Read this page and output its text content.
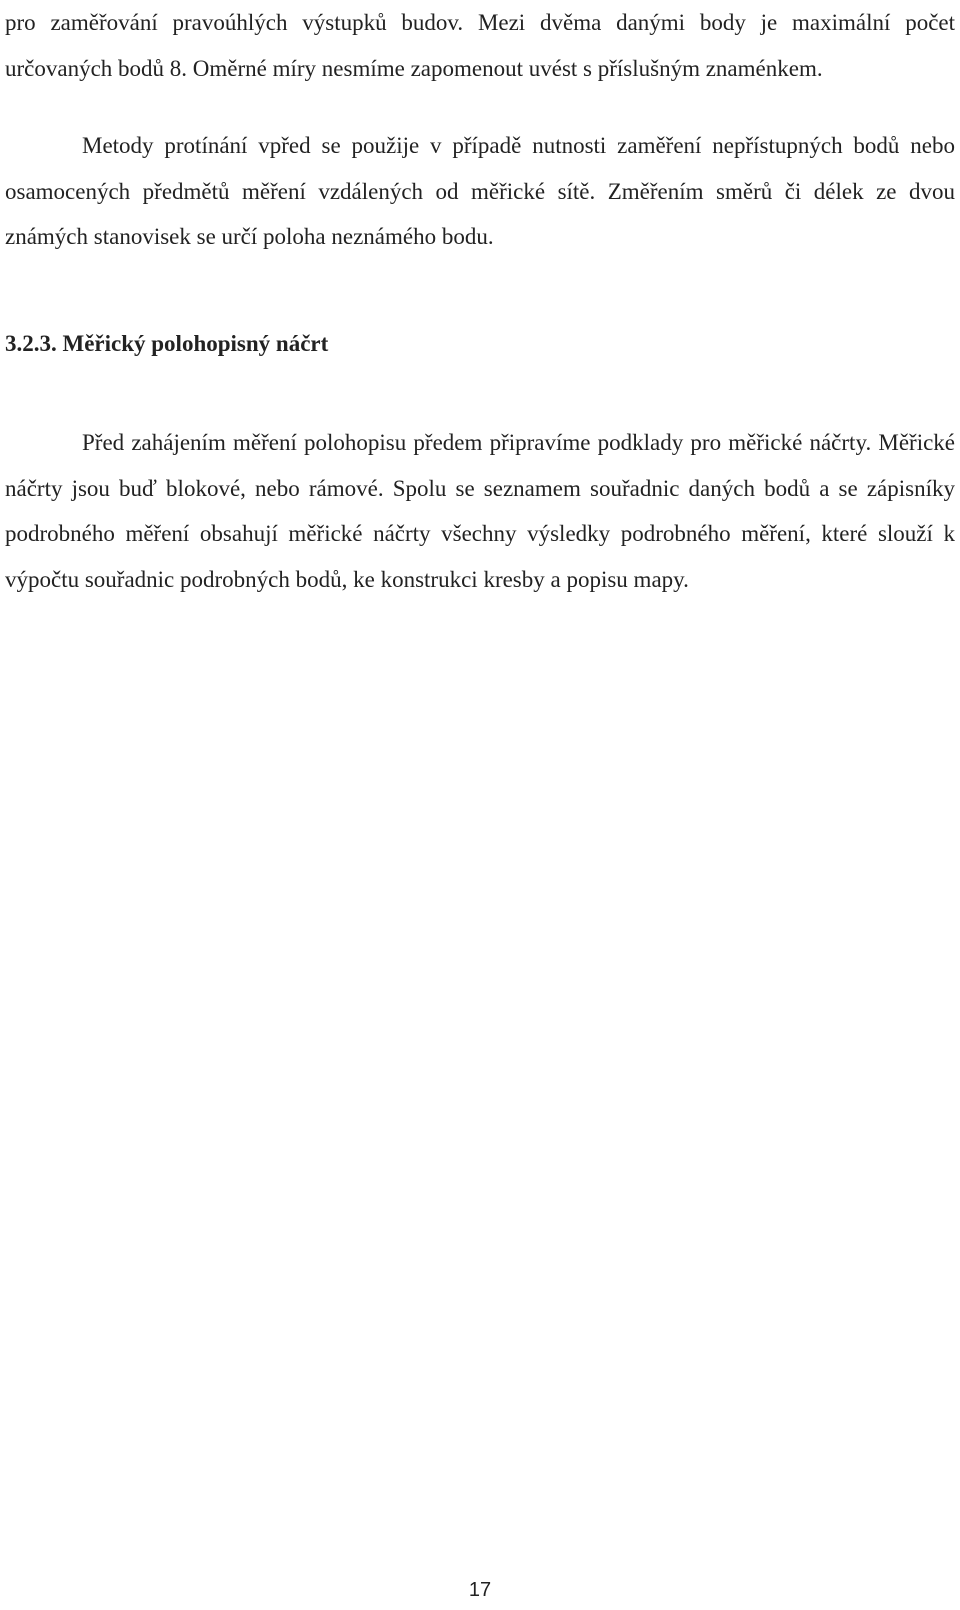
pro zaměřování pravoúhlých výstupků budov. Mezi dvěma danými body je maximální počet určovaných bodů 8. Oměrné míry nesmíme zapomenout uvést s příslušným znaménkem.

Metody protínání vpřed se použije v případě nutnosti zaměření nepřístupných bodů nebo osamocených předmětů měření vzdálených od měřické sítě. Změřením směrů či délek ze dvou známých stanovisek se určí poloha neznámého bodu.

3.2.3. Měřický polohopisný náčrt

Před zahájením měření polohopisu předem připravíme podklady pro měřické náčrty. Měřické náčrty jsou buď blokové, nebo rámové. Spolu se seznamem souřadnic daných bodů a se zápisníky podrobného měření obsahují měřické náčrty všechny výsledky podrobného měření, které slouží k výpočtu souřadnic podrobných bodů, ke konstrukci kresby a popisu mapy.

17
